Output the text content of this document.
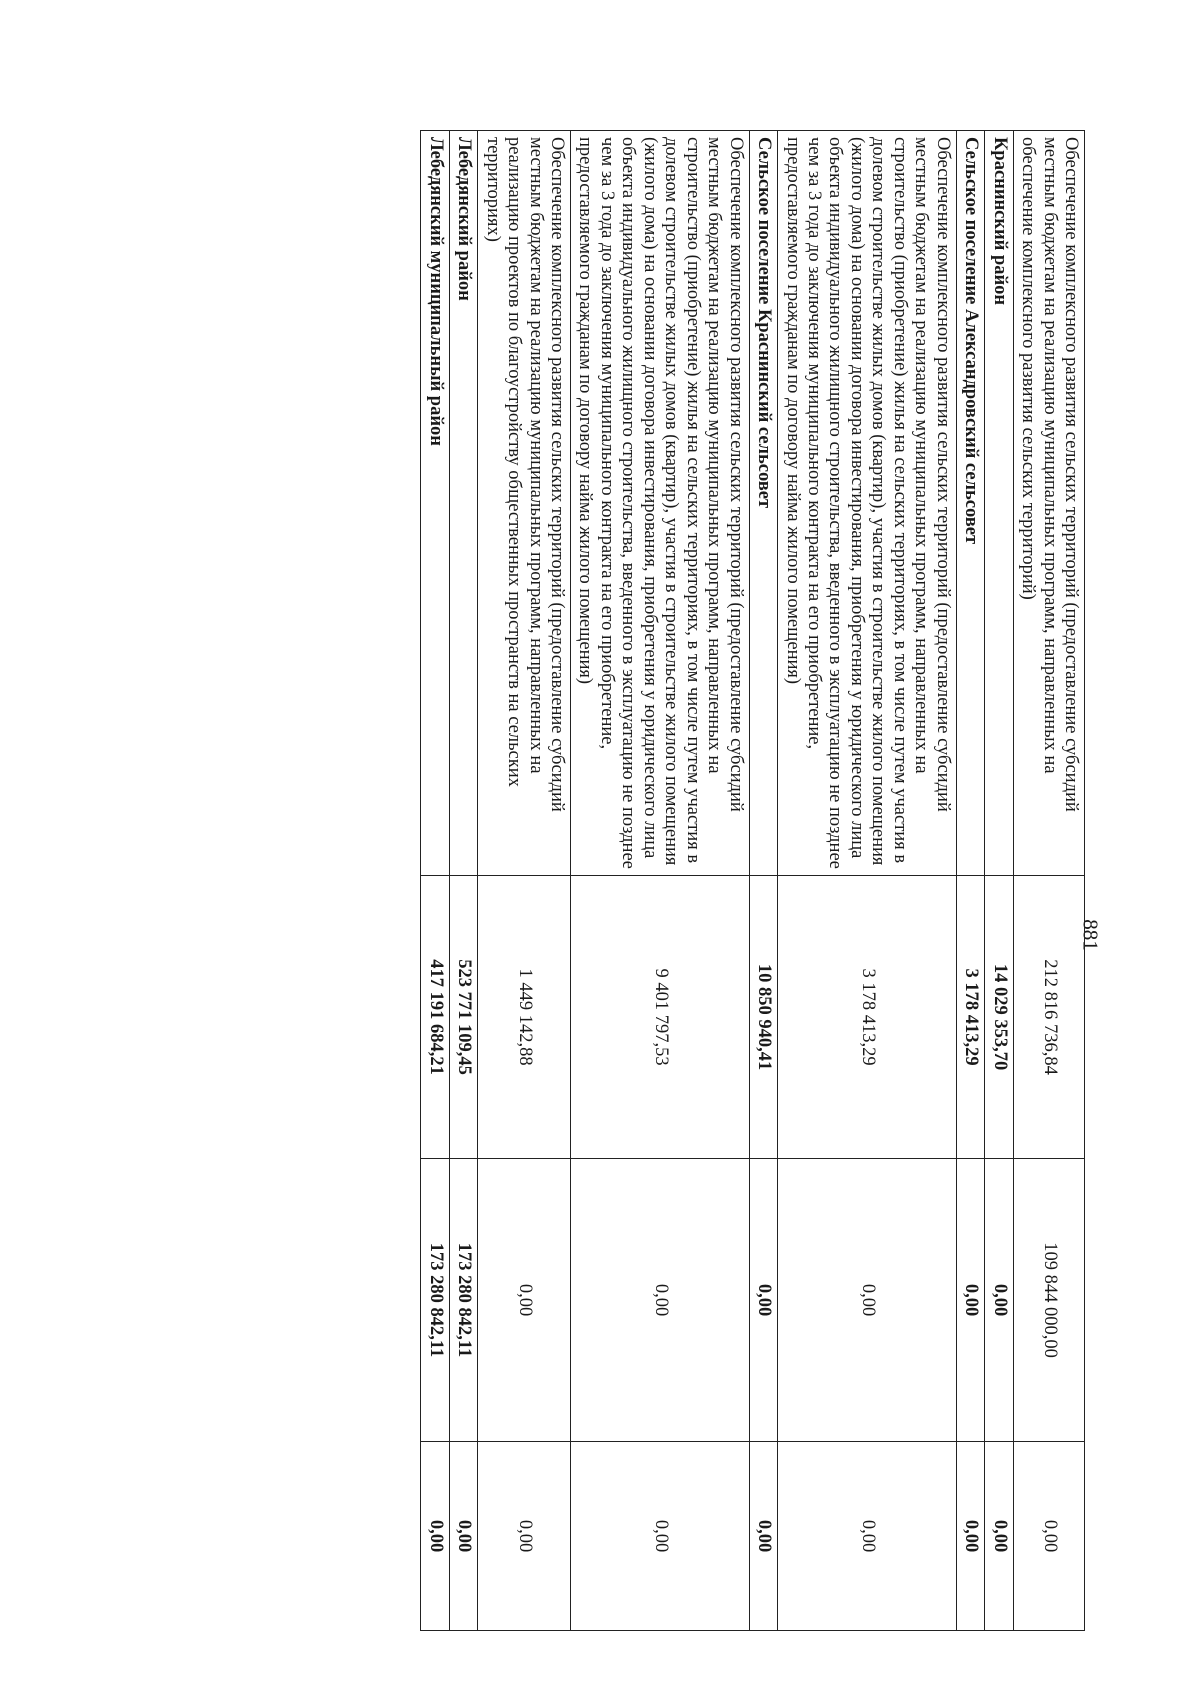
881
Обеспечение комплексного развития сельских территорий (предоставление субсидий местным бюджетам на реализацию муниципальных программ, направленных на обеспечение комплексного развития сельских территорий)	212 816 736,84	109 844 000,00	0,00
Краснинский район	14 029 353,70	0,00	0,00
Сельское поселение Александровский сельсовет	3 178 413,29	0,00	0,00
Обеспечение комплексного развития сельских территорий (предоставление субсидий местным бюджетам на реализацию муниципальных программ, направленных на строительство (приобретение) жилья на сельских территориях, в том числе путем участия в долевом строительстве жилых домов (квартир), участия в строительстве жилого помещения (жилого дома) на основании договора инвестирования, приобретения у юридического лица объекта индивидуального жилищного строительства, введенного в эксплуатацию не позднее чем за 3 года до заключения муниципального контракта на его приобретение, предоставляемого гражданам по договору найма жилого помещения)	3 178 413,29	0,00	0,00
Сельское поселение Краснинский сельсовет	10 850 940,41	0,00	0,00
Обеспечение комплексного развития сельских территорий (предоставление субсидий местным бюджетам на реализацию муниципальных программ, направленных на строительство (приобретение) жилья на сельских территориях, в том числе путем участия в долевом строительстве жилых домов (квартир), участия в строительстве жилого помещения (жилого дома) на основании договора инвестирования, приобретения у юридического лица объекта индивидуального жилищного строительства, введенного в эксплуатацию не позднее чем за 3 года до заключения муниципального контракта на его приобретение, предоставляемого гражданам по договору найма жилого помещения)	9 401 797,53	0,00	0,00
Обеспечение комплексного развития сельских территорий (предоставление субсидий местным бюджетам на реализацию муниципальных программ, направленных на реализацию проектов по благоустройству общественных пространств на сельских территориях)	1 449 142,88	0,00	0,00
Лебедянский район	523 771 109,45	173 280 842,11	0,00
Лебедянский муниципальный район	417 191 684,21	173 280 842,11	0,00
